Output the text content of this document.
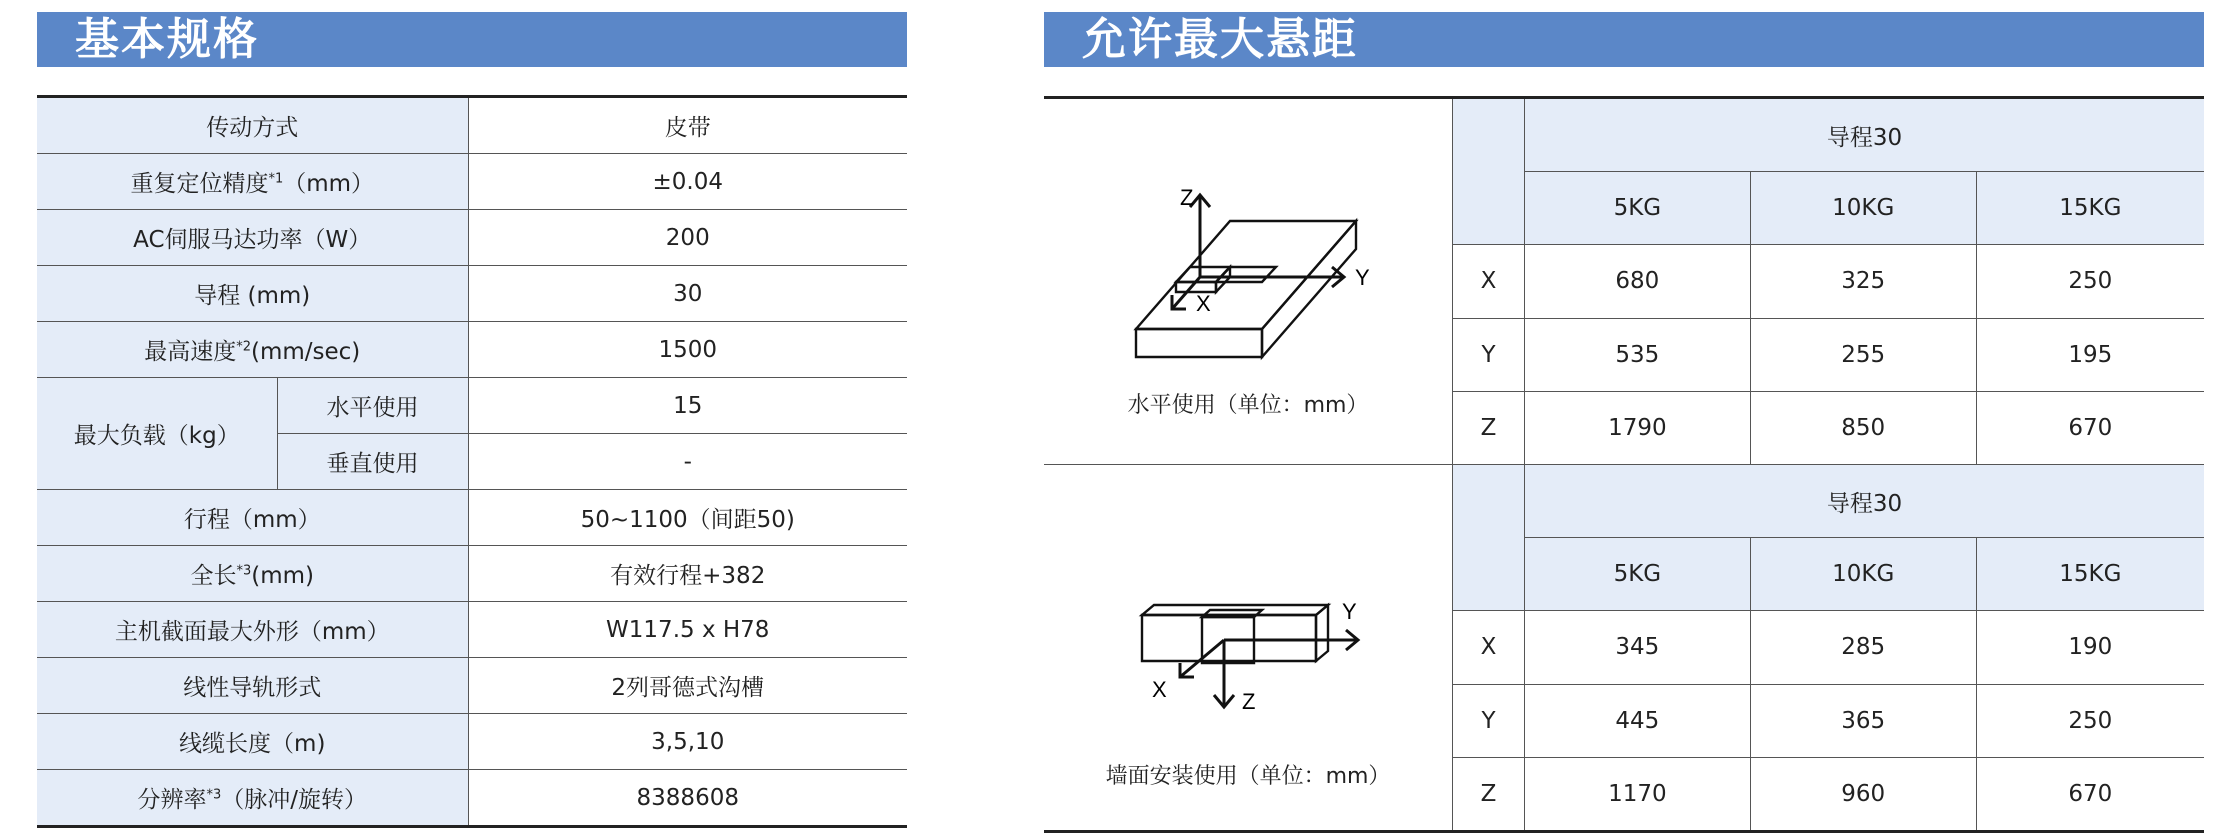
基本规格	允许最大悬距
传动方式		皮带
重复定位精度$^{*1}$（mm）		±0.04
AC伺服马达功率（W）		200
导程 (mm)		30
最高速度$^{*2}$(mm/sec)		1500
最大负载（kg）	水平使用	15
	垂直使用	-
行程（mm）		50~1100（间距50)
全长$^{*3}$(mm)		有效行程+382
主机截面最大外形（mm）		W117.5 x H78
线性导轨形式		2列哥德式沟槽
线缆长度（m)		3,5,10
分辨率$^{*3}$（脉冲/旋转）		8388608
Z
Y
X
水平使用（单位：mm）		导程30		
		5KG	10KG	15KG
	X	680	325	250
	Y	535	255	195
	Z	1790	850	670

Y
Z
X
墙面安装使用（单位：mm）		导程30		
		5KG	10KG	15KG
	X	345	285	190
	Y	445	365	250
	Z	1170	960	670
